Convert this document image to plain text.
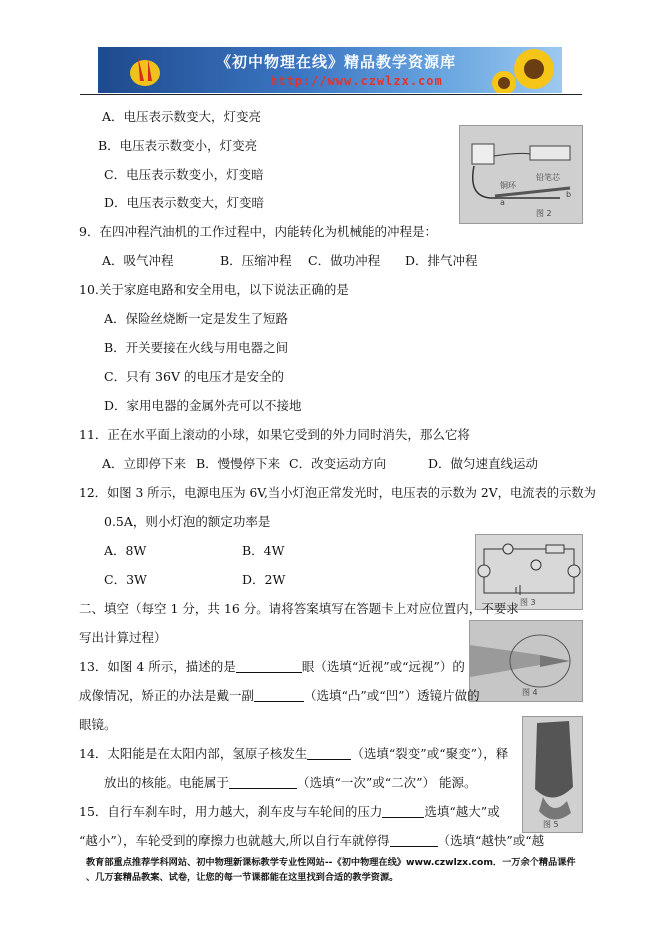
《初中物理在线》精品教学资源库
http://www.czwlzx.com
A．电压表示数变大，灯变亮
B．电压表示数变小，灯变亮
C．电压表示数变小，灯变暗
D．电压表示数变大，灯变暗
铜环
铅笔芯
a
b
图 2
9．在四冲程汽油机的工作过程中，内能转化为机械能的冲程是：
A．吸气冲程	B．压缩冲程 C．做功冲程 D．排气冲程
10.关于家庭电路和安全用电，以下说法正确的是
A．保险丝烧断一定是发生了短路
B．开关要接在火线与用电器之间
C．只有 36V 的电压才是安全的
D．家用电器的金属外壳可以不接地
11．正在水平面上滚动的小球，如果它受到的外力同时消失，那么它将
A．立即停下来 B．慢慢停下来 C．改变运动方向	D．做匀速直线运动
12．如图 3 所示，电源电压为 6V,当小灯泡正常发光时，电压表的示数为 2V，电流表的示数为
0.5A，则小灯泡的额定功率是
A．8W	B．4W
C．3W	D．2W
图 3
二、填空（每空 1 分，共 16 分。请将答案填写在答题卡上对应位置内，不要求
写出计算过程）
图 4
13．如图 4 所示，描述的是	眼（选填“近视”或“远视”）的
成像情况，矫正的办法是戴一副	（选填“凸”或“凹”）透镜片做的
眼镜。
图 5
14．太阳能是在太阳内部，氢原子核发生	（选填“裂变”或“聚变”），释
放出的核能。电能属于	（选填“一次”或“二次”） 能源。
15．自行车刹车时，用力越大，刹车皮与车轮间的压力	选填“越大”或
“越小”），车轮受到的摩擦力也就越大,所以自行车就停得	（选填“越快”或“越
教育部重点推荐学科网站、初中物理新课标教学专业性网站--《初中物理在线》www.czwlzx.com．一万余个精品课件
、几万套精品教案、试卷，让您的每一节课都能在这里找到合适的教学资源。
